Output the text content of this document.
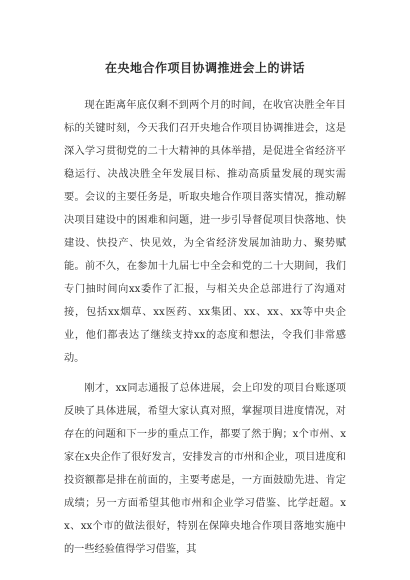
在央地合作项目协调推进会上的讲话

现在距离年底仅剩不到两个月的时间，在收官决胜全年目标的关键时刻，今天我们召开央地合作项目协调推进会，这是深入学习贯彻党的二十大精神的具体举措，是促进全省经济平稳运行、决战决胜全年发展目标、推动高质量发展的现实需要。会议的主要任务是，听取央地合作项目落实情况，推动解决项目建设中的困难和问题，进一步引导督促项目快落地、快建设、快投产、快见效，为全省经济发展加油助力、聚势赋能。前不久，在参加十九届七中全会和党的二十大期间，我们专门抽时间向xx委作了汇报，与相关央企总部进行了沟通对接，包括xx烟草、xx医药、xx集团、xx、xx、xx等中央企业，他们都表达了继续支持xx的态度和想法，令我们非常感动。

刚才，xx同志通报了总体进展，会上印发的项目台账逐项反映了具体进展，希望大家认真对照，掌握项目进度情况，对存在的问题和下一步的重点工作，都要了然于胸；x个市州、x家在x央企作了很好发言，安排发言的市州和企业，项目进度和投资额都是排在前面的，主要考虑是，一方面鼓励先进、肯定成绩；另一方面希望其他市州和企业学习借鉴、比学赶超。xx、xx个市的做法很好，特别在保障央地合作项目落地实施中的一些经验值得学习借鉴，其
